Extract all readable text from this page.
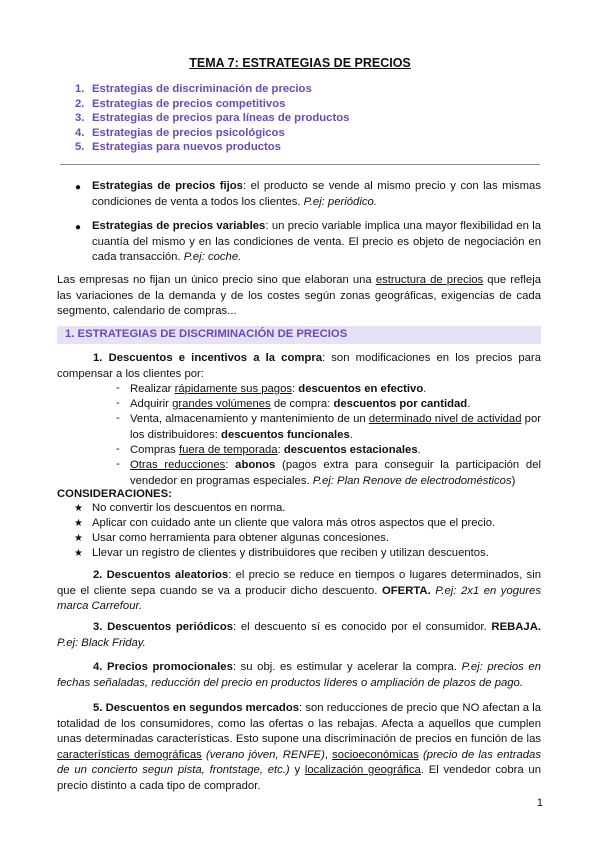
TEMA 7: ESTRATEGIAS DE PRECIOS
1. Estrategias de discriminación de precios
2. Estrategias de precios competitivos
3. Estrategias de precios para líneas de productos
4. Estrategias de precios psicológicos
5. Estrategias para nuevos productos
● Estrategias de precios fijos: el producto se vende al mismo precio y con las mismas condiciones de venta a todos los clientes. P.ej: periódico.
● Estrategias de precios variables: un precio variable implica una mayor flexibilidad en la cuantía del mismo y en las condiciones de venta. El precio es objeto de negociación en cada transacción. P.ej: coche.
Las empresas no fijan un único precio sino que elaboran una estructura de precios que refleja las variaciones de la demanda y de los costes según zonas geográficas, exigencias de cada segmento, calendario de compras...
1. ESTRATEGIAS DE DISCRIMINACIÓN DE PRECIOS
1. Descuentos e incentivos a la compra: son modificaciones en los precios para compensar a los clientes por:
- Realizar rápidamente sus pagos: descuentos en efectivo.
- Adquirir grandes volúmenes de compra: descuentos por cantidad.
- Venta, almacenamiento y mantenimiento de un determinado nivel de actividad por los distribuidores: descuentos funcionales.
- Compras fuera de temporada: descuentos estacionales.
- Otras reducciones: abonos (pagos extra para conseguir la participación del vendedor en programas especiales. P.ej: Plan Renove de electrodomésticos)
CONSIDERACIONES:
★ No convertir los descuentos en norma.
★ Aplicar con cuidado ante un cliente que valora más otros aspectos que el precio.
★ Usar como herramienta para obtener algunas concesiones.
★ Llevar un registro de clientes y distribuidores que reciben y utilizan descuentos.
2. Descuentos aleatorios: el precio se reduce en tiempos o lugares determinados, sin que el cliente sepa cuando se va a producir dicho descuento. OFERTA. P.ej: 2x1 en yogures marca Carrefour.
3. Descuentos periódicos: el descuento sí es conocido por el consumidor. REBAJA. P.ej: Black Friday.
4. Precios promocionales: su obj. es estimular y acelerar la compra. P.ej: precios en fechas señaladas, reducción del precio en productos líderes o ampliación de plazos de pago.
5. Descuentos en segundos mercados: son reducciones de precio que NO afectan a la totalidad de los consumidores, como las ofertas o las rebajas. Afecta a aquellos que cumplen unas determinadas características. Esto supone una discriminación de precios en función de las características demográficas (verano jóven, RENFE), socioeconómicas (precio de las entradas de un concierto segun pista, frontstage, etc.) y localización geográfica. El vendedor cobra un precio distinto a cada tipo de comprador.
1
